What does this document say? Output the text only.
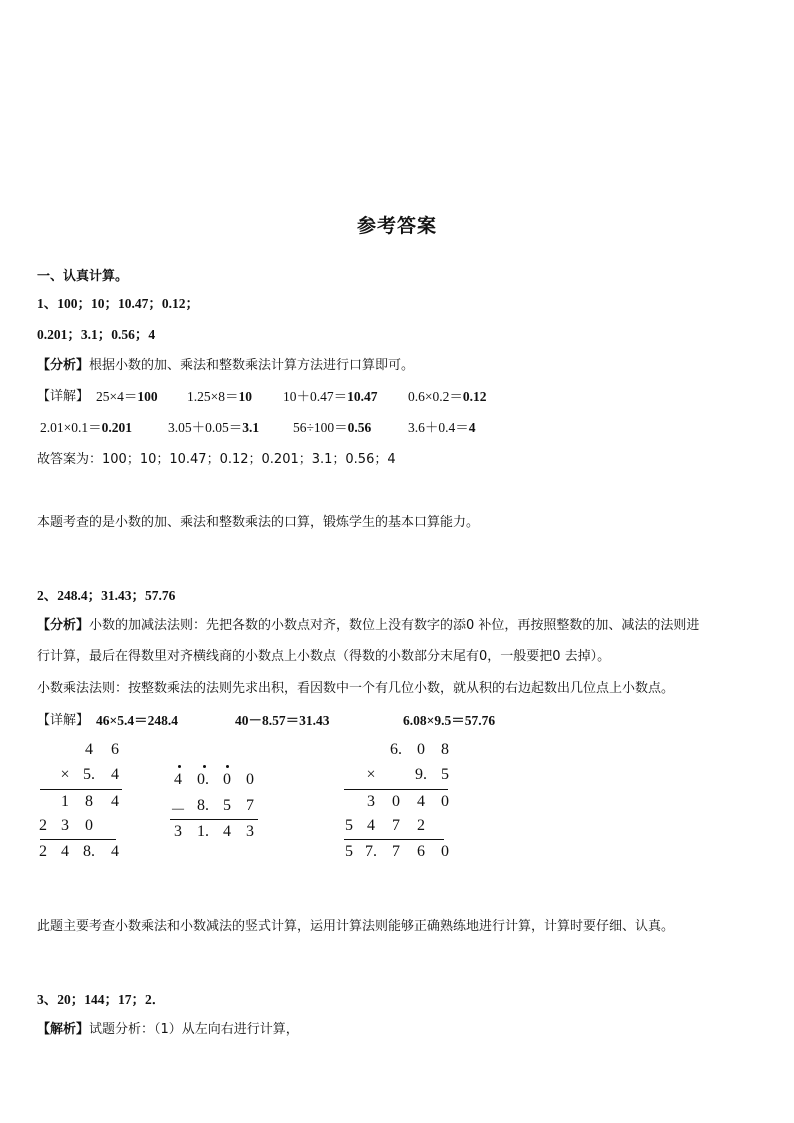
参考答案
一、认真计算。
1、100；10；10.47；0.12；
0.201；3.1；0.56；4
【分析】根据小数的加、乘法和整数乘法计算方法进行口算即可。
【详解】 25×4＝100 1.25×8＝10 10＋0.47＝10.47 0.6×0.2＝0.12
2.01×0.1＝0.201	3.05＋0.05＝3.1	56÷100＝0.56	3.6＋0.4＝4
故答案为：100；10；10.47；0.12；0.201；3.1；0.56；4
本题考查的是小数的加、乘法和整数乘法的口算，锻炼学生的基本口算能力。
2、248.4；31.43；57.76
【分析】小数的加减法法则：先把各数的小数点对齐，数位上没有数字的添0 补位，再按照整数的加、减法的法则进
行计算，最后在得数里对齐横线商的小数点上小数点（得数的小数部分末尾有0，一般要把0 去掉）。
小数乘法法则：按整数乘法的法则先求出积，看因数中一个有几位小数，就从积的右边起数出几位点上小数点。
【详解】 46×5.4＝248.4	40－8.57＝31.43	6.08×9.5＝57.76
4	6
× 5.	4
1	8	4
2 3	0
2 4 8.	4
4 0. 0 0
－ 8. 5 7
3 1. 4 3
6. 0	8
× 9. 5
3	0	4	0
5 4	7	2
5 7. 7	6	0
此题主要考查小数乘法和小数减法的竖式计算，运用计算法则能够正确熟练地进行计算，计算时要仔细、认真。
3、20；144；17；2．
【解析】试题分析：（1）从左向右进行计算，
